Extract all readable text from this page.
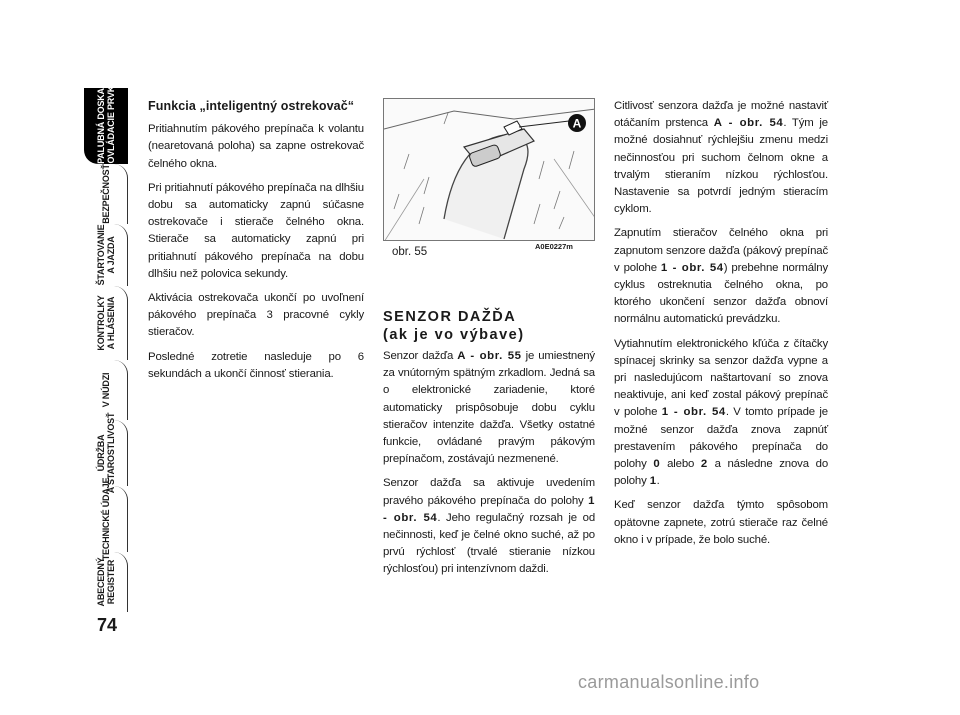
PALUBNÁ DOSKA A OVLÁDACIE PRVKY
BEZPEČNOSŤ
ŠTARTOVANIE A JAZDA
KONTROLKY A HLÁSENIA
V NÚDZI
ÚDRŽBA A STAROSTLIVOSŤ
TECHNICKÉ ÚDAJE
ABECEDNÝ REGISTER
74
Funkcia „inteligentný ostrekovač“

Pritiahnutím pákového prepínača k volantu (nearetovaná poloha) sa zapne ostrekovač čelného okna.

Pri pritiahnutí pákového prepínača na dlhšiu dobu sa automaticky zapnú súčasne ostrekovače i stierače čelného okna. Stierače sa automaticky zapnú pri pritiahnutí pákového prepínača na dobu dlhšiu než polovica sekundy.

Aktivácia ostrekovača ukončí po uvoľnení pákového prepínača 3 pracovné cykly stieračov.

Posledné zotretie nasleduje po 6 sekundách a ukončí činnosť stierania.

A
obr. 55	A0E0227m
SENZOR DAŽĎA
(ak je vo výbave)

Senzor dažďa A - obr. 55 je umiestnený za vnútorným spätným zrkadlom. Jedná sa o elektronické zariadenie, ktoré automaticky prispôsobuje dobu cyklu stieračov intenzite dažďa. Všetky ostatné funkcie, ovládané pravým pákovým prepínačom, zostávajú nezmenené.

Senzor dažďa sa aktivuje uvedením pravého pákového prepínača do polohy 1 - obr. 54. Jeho regulačný rozsah je od nečinnosti, keď je čelné okno suché, až po prvú rýchlosť (trvalé stieranie nízkou rýchlosťou) pri intenzívnom daždi.

Citlivosť senzora dažďa je možné nastaviť otáčaním prstenca A - obr. 54. Tým je možné dosiahnuť rýchlejšiu zmenu medzi nečinnosťou pri suchom čelnom okne a trvalým stieraním nízkou rýchlosťou. Nastavenie sa potvrdí jedným stieracím cyklom.

Zapnutím stieračov čelného okna pri zapnutom senzore dažďa (pákový prepínač v polohe 1 - obr. 54) prebehne normálny cyklus ostreknutia čelného okna, po ktorého ukončení senzor dažďa obnoví normálnu automatickú prevádzku.

Vytiahnutím elektronického kľúča z čítačky spínacej skrinky sa senzor dažďa vypne a pri nasledujúcom naštartovaní so znova neaktivuje, ani keď zostal pákový prepínač v polohe 1 - obr. 54. V tomto prípade je možné senzor dažďa znova zapnúť prestavením pákového prepínača do polohy 0 alebo 2 a následne znova do polohy 1.

Keď senzor dažďa týmto spôsobom opätovne zapnete, zotrú stierače raz čelné okno i v prípade, že bolo suché.

carmanualsonline.info
